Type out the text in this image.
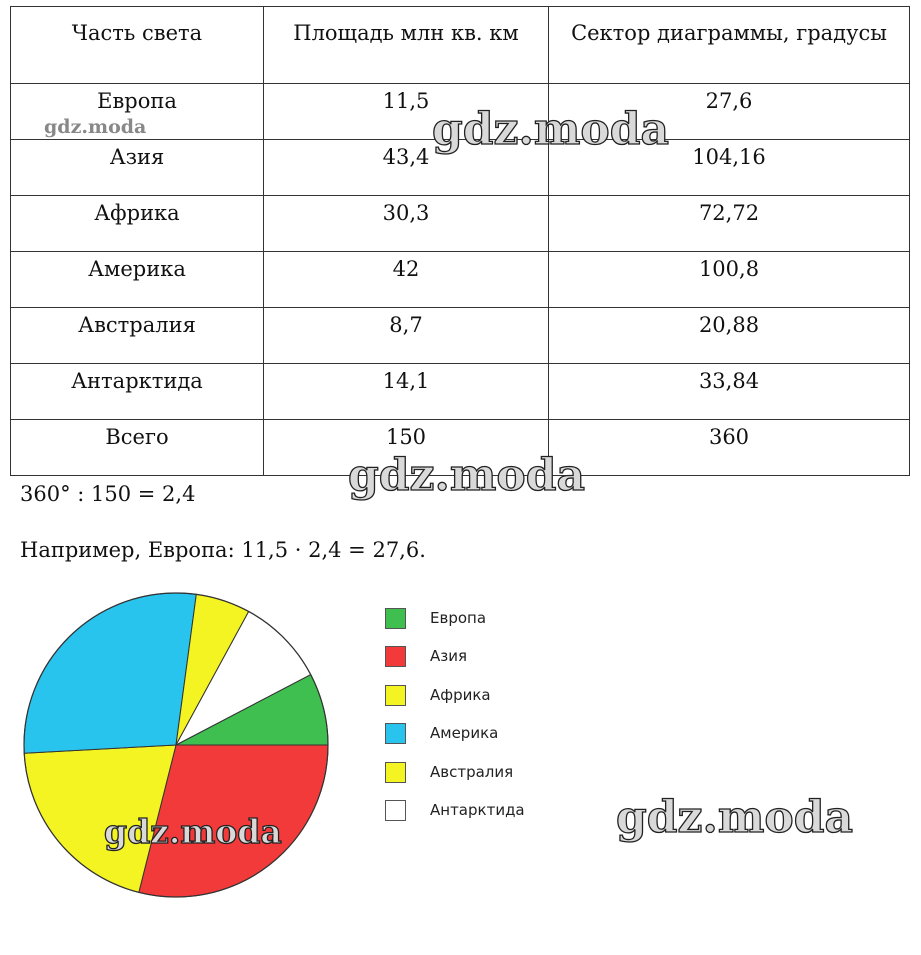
Часть света	Площадь млн кв. км	Сектор диаграммы, градусы
Европа	11,5	27,6
Азия	43,4	104,16
Африка	30,3	72,72
Америка	42	100,8
Австралия	8,7	20,88
Антарктида	14,1	33,84
Всего	150	360
360° : 150 = 2,4
Например, Европа: 11,5 · 2,4 = 27,6.
Европа
Азия
Африка
Америка
Австралия
Антарктида
gdz.moda	gdz.moda
gdz.moda
gdz.moda	gdz.moda
